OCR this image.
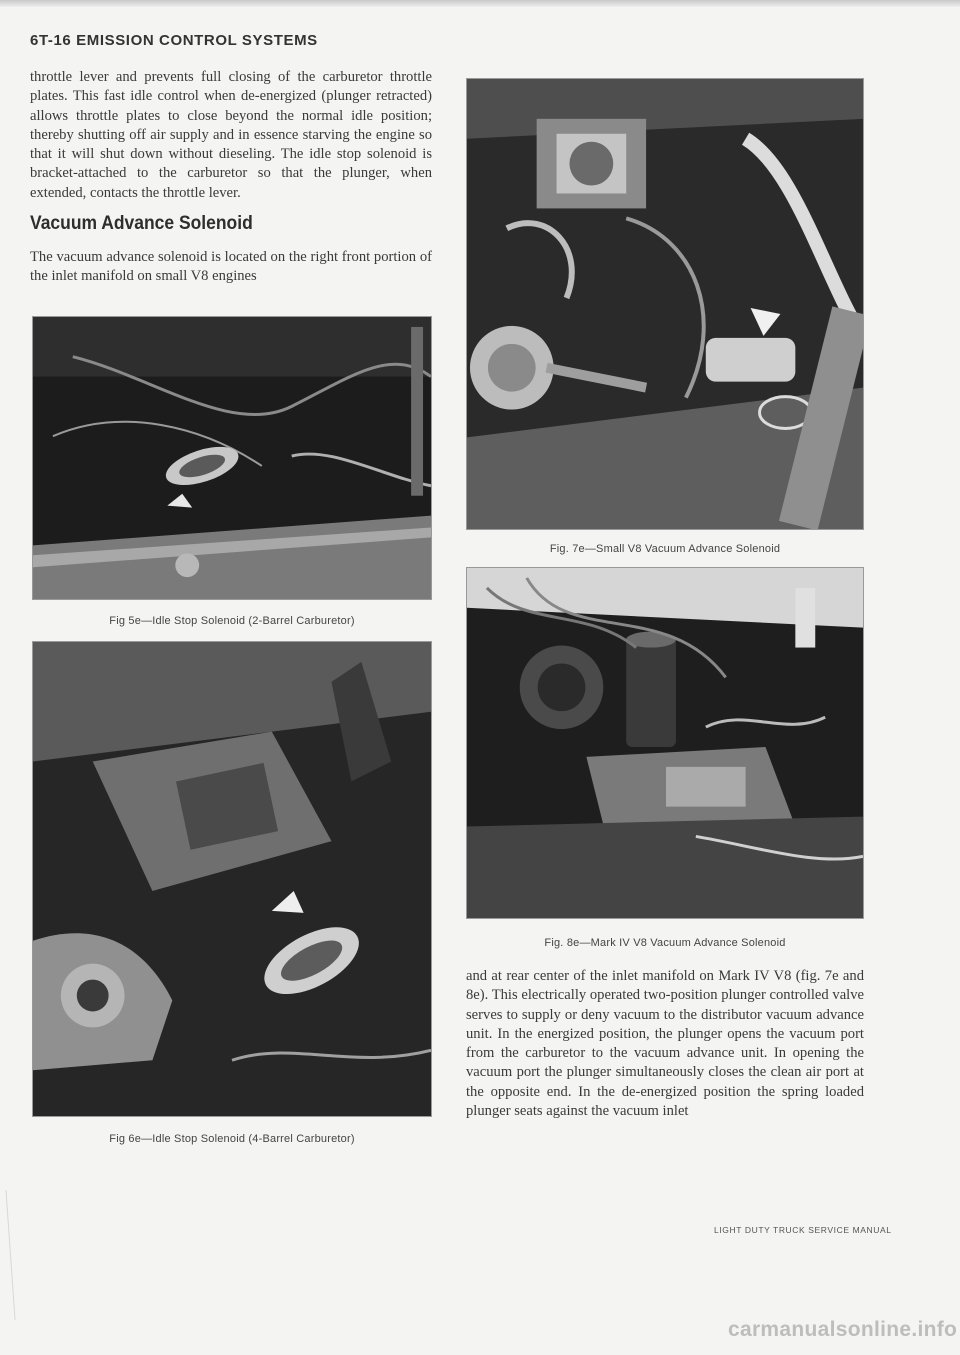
6T-16 EMISSION CONTROL SYSTEMS

throttle lever and prevents full closing of the carburetor throttle plates. This fast idle control when de-energized (plunger retracted) allows throttle plates to close beyond the normal idle position; thereby shutting off air supply and in essence starving the engine so that it will shut down without dieseling. The idle stop solenoid is bracket-attached to the carburetor so that the plunger, when extended, contacts the throttle lever.

Vacuum Advance Solenoid

The vacuum advance solenoid is located on the right front portion of the inlet manifold on small V8 engines

Fig 5e—Idle Stop Solenoid (2-Barrel Carburetor)
Fig 6e—Idle Stop Solenoid (4-Barrel Carburetor)
Fig. 7e—Small V8 Vacuum Advance Solenoid
Fig. 8e—Mark IV V8 Vacuum Advance Solenoid

and at rear center of the inlet manifold on Mark IV V8 (fig. 7e and 8e). This electrically operated two-position plunger controlled valve serves to supply or deny vacuum to the distributor vacuum advance unit. In the energized position, the plunger opens the vacuum port from the carburetor to the vacuum advance unit. In opening the vacuum port the plunger simultaneously closes the clean air port at the opposite end. In the de-energized position the spring loaded plunger seats against the vacuum inlet

LIGHT DUTY TRUCK SERVICE MANUAL
carmanualsonline.info
